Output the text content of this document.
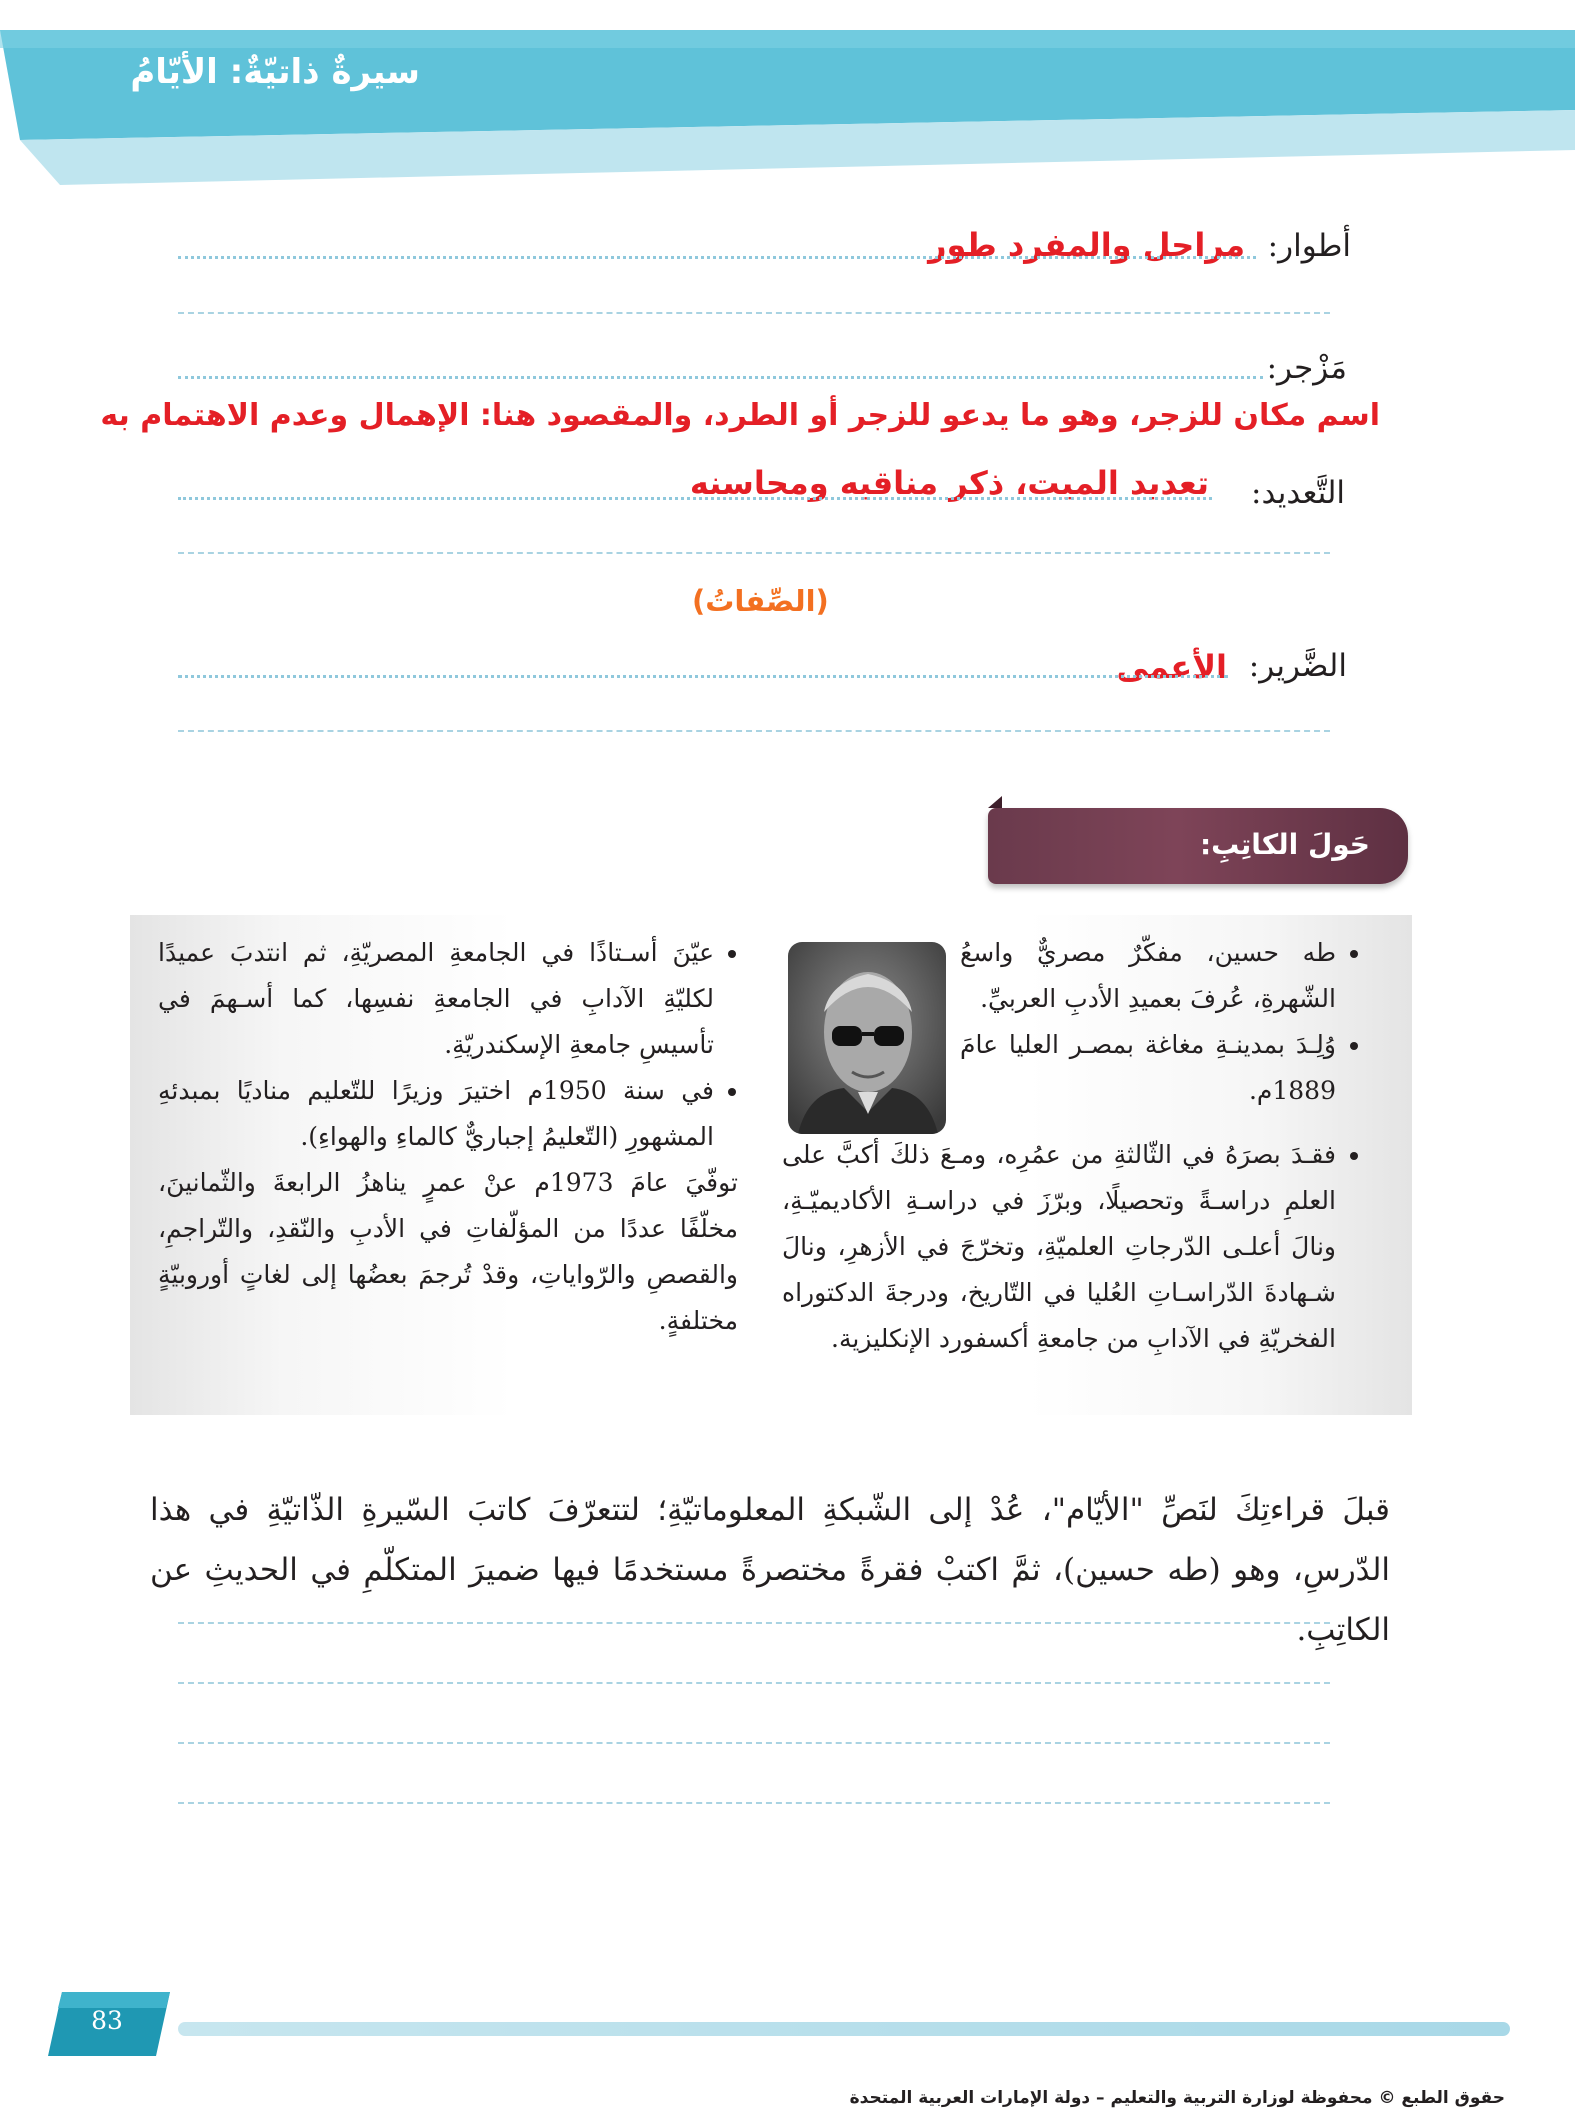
سيرةٌ ذاتيّةٌ: الأيّامُ
أطوار:
مراحل والمفرد طور
مَزْجر:
اسم مكان للزجر، وهو ما يدعو للزجر أو الطرد، والمقصود هنا: الإهمال وعدم الاهتمام به
التَّعديد:
تعديد الميت، ذكر مناقبه ومحاسنه
(الصِّفاتُ)
الضَّرير:
الأعمى
حَولَ الكاتِبِ:
• طه حسين، مفكّرٌ مصريٌّ واسعُ الشّهرةِ، عُرفَ بعميدِ الأدبِ العربيِّ.
• وُلِـدَ بمدينـةِ مغاغة بمصـر العليا عامَ 1889م.
• فقـدَ بصرَهُ في الثّالثةِ من عمُرِه، ومـعَ ذلكَ أكبَّ على العلمِ دراسـةً وتحصيلًا، وبرّزَ في دراسـةِ الأكاديميّـةِ، ونالَ أعلـى الدّرجاتِ العلميّةِ، وتخرّجَ في الأزهرِ، ونالَ شـهادةَ الدّراسـاتِ العُليا في التّاريخ، ودرجةَ الدكتوراه الفخريّةِ في الآدابِ من جامعةِ أكسفورد الإنكليزية.
• عيّنَ أسـتاذًا في الجامعةِ المصريّةِ، ثم انتدبَ عميدًا لكليّةِ الآدابِ في الجامعةِ نفسِها، كما أسـهمَ في تأسيسِ جامعةِ الإسكندريّةِ.
• في سنة 1950م اختيرَ وزيرًا للتّعليم مناديًا بمبدئهِ المشهورِ (التّعليمُ إجباريٌّ كالماءِ والهواءِ).

توفّيَ عامَ 1973م عنْ عمرٍ يناهزُ الرابعةَ والثّمانينَ، مخلّفًا عددًا من المؤلّفاتِ في الأدبِ والنّقدِ، والتّراجمِ، والقصصِ والرّواياتِ، وقدْ تُرجمَ بعضُها إلى لغاتٍ أوروبيّةٍ مختلفةٍ.

قبلَ قراءتِكَ لنَصِّ "الأيّام"، عُدْ إلى الشّبكةِ المعلوماتيّةِ؛ لتتعرّفَ كاتبَ السّيرةِ الذّاتيّةِ في هذا الدّرسِ، وهو (طه حسين)، ثمَّ اكتبْ فقرةً مختصرةً مستخدمًا فيها ضميرَ المتكلّمِ في الحديثِ عن الكاتِبِ.
83
حقوق الطبع © محفوظة لوزارة التربية والتعليم – دولة الإمارات العربية المتحدة
